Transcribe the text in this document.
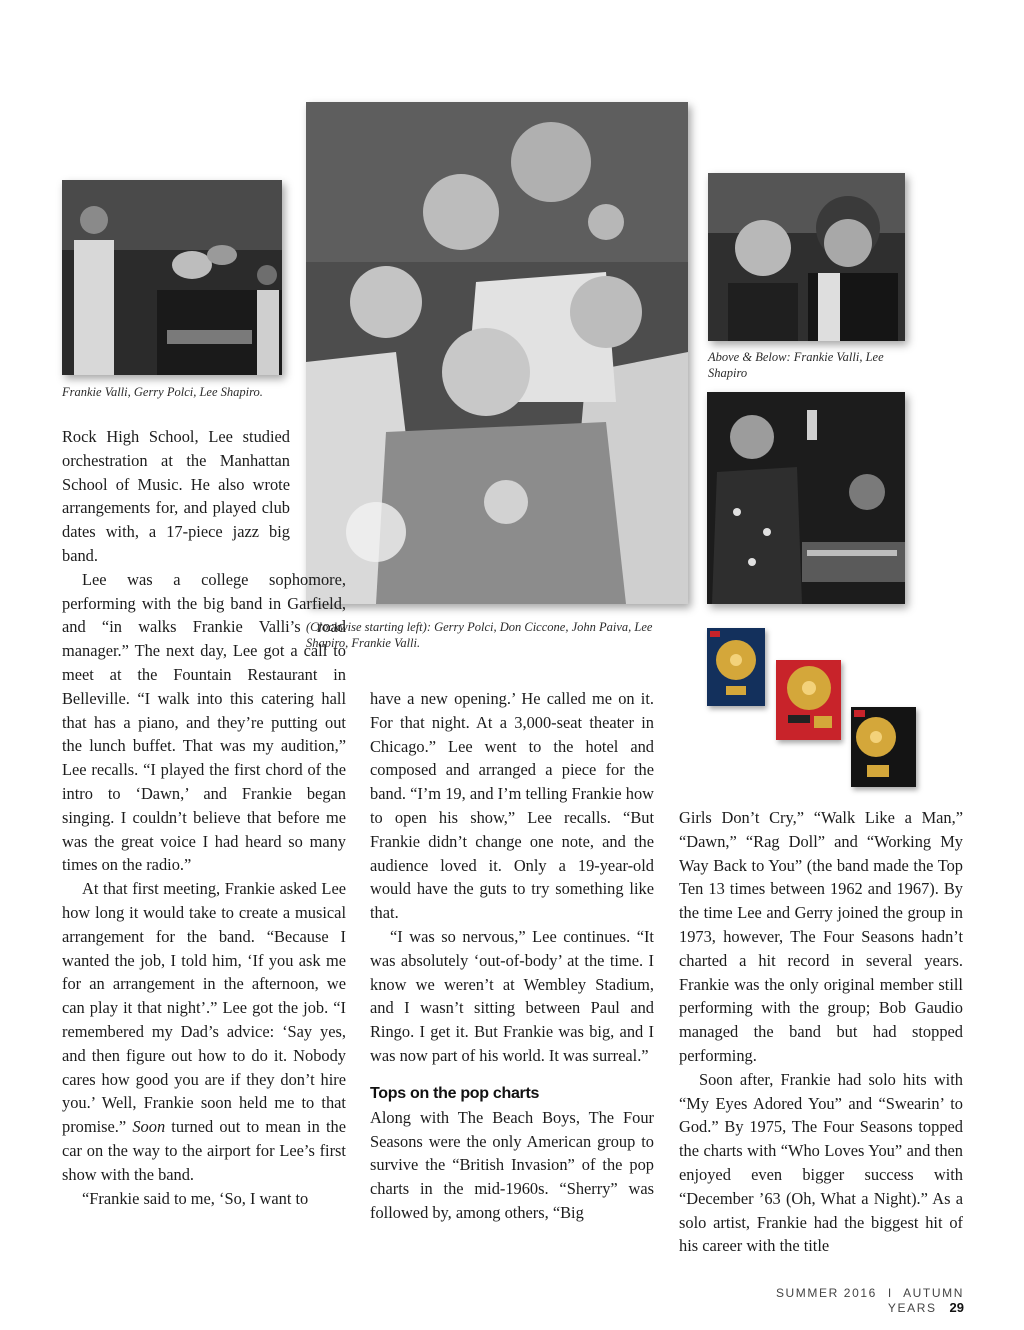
Frankie Valli, Gerry Polci, Lee Shapiro.
(Clockwise starting left): Gerry Polci, Don Ciccone, John Paiva, Lee Shapiro, Frankie Valli.
Above & Below: Frankie Valli, Lee Shapiro

Rock High School, Lee studied orchestration at the Manhattan School of Music. He also wrote arrangements for, and played club dates with, a 17-piece jazz big band.

Lee was a college sophomore, performing with the big band in Garfield, and “in walks Frankie Valli’s road manager.” The next day, Lee got a call to meet at the Fountain Restaurant in Belleville. “I walk into this catering hall that has a piano, and they’re putting out the lunch buffet. That was my audition,” Lee recalls. “I played the first chord of the intro to ‘Dawn,’ and Frankie began singing. I couldn’t believe that before me was the great voice I had heard so many times on the radio.”

At that first meeting, Frankie asked Lee how long it would take to create a musical arrangement for the band. “Because I wanted the job, I told him, ‘If you ask me for an arrangement in the afternoon, we can play it that night’.” Lee got the job. “I remembered my Dad’s advice: ‘Say yes, and then figure out how to do it. Nobody cares how good you are if they don’t hire you.’ Well, Frankie soon held me to that promise.” Soon turned out to mean in the car on the way to the airport for Lee’s first show with the band.

“Frankie said to me, ‘So, I want to

have a new opening.’ He called me on it. For that night. At a 3,000-seat theater in Chicago.” Lee went to the hotel and composed and arranged a piece for the band. “I’m 19, and I’m telling Frankie how to open his show,” Lee recalls. “But Frankie didn’t change one note, and the audience loved it. Only a 19-year-old would have the guts to try something like that.

“I was so nervous,” Lee continues. “It was absolutely ‘out-of-body’ at the time. I know we weren’t at Wembley Stadium, and I wasn’t sitting between Paul and Ringo. I get it. But Frankie was big, and I was now part of his world. It was surreal.”

Tops on the pop charts

Along with The Beach Boys, The Four Seasons were the only American group to survive the “British Invasion” of the pop charts in the mid-1960s. “Sherry” was followed by, among others, “Big

Girls Don’t Cry,” “Walk Like a Man,” “Dawn,” “Rag Doll” and “Working My Way Back to You” (the band made the Top Ten 13 times between 1962 and 1967). By the time Lee and Gerry joined the group in 1973, however, The Four Seasons hadn’t charted a hit record in several years. Frankie was the only original member still performing with the group; Bob Gaudio managed the band but had stopped performing.

Soon after, Frankie had solo hits with “My Eyes Adored You” and “Swearin’ to God.” By 1975, The Four Seasons topped the charts with “Who Loves You” and then enjoyed even bigger success with “December ’63 (Oh, What a Night).” As a solo artist, Frankie had the biggest hit of his career with the title

SUMMER 2016 I AUTUMN YEARS 29
